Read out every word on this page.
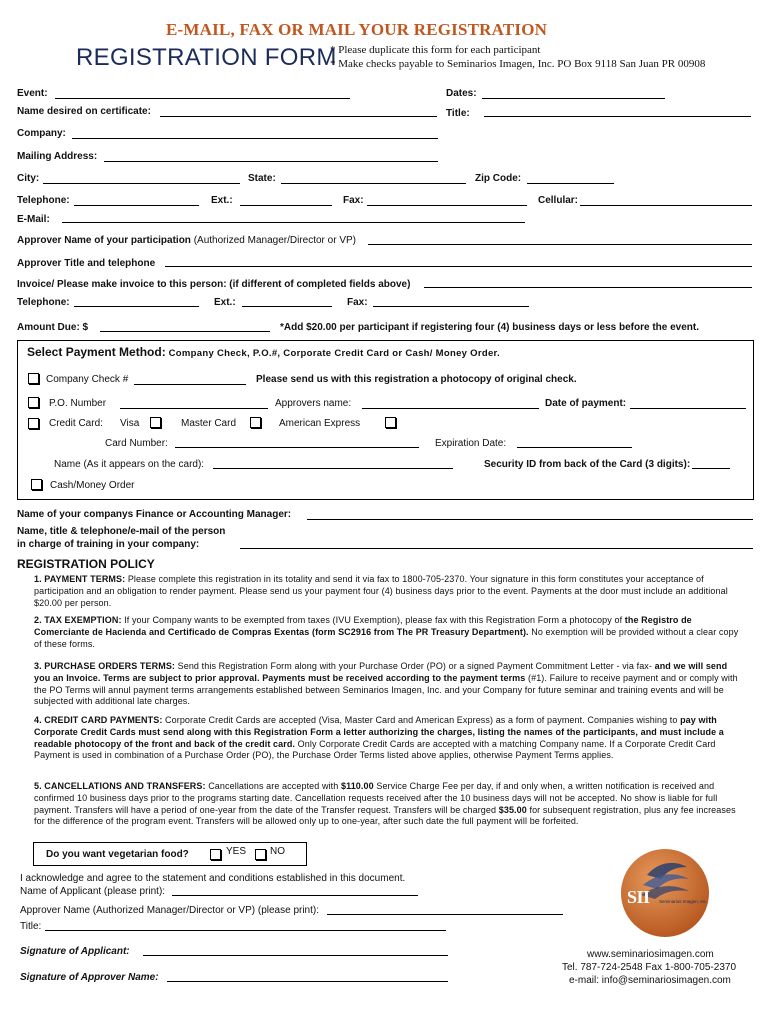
E-MAIL, FAX OR MAIL YOUR REGISTRATION
REGISTRATION FORM
* Please duplicate this form for each participant
* Make checks payable to Seminarios Imagen, Inc. PO Box 9118 San Juan PR 00908
Event:	Dates:
Name desired on certificate:	Title:
Company:
Mailing Address:
City:	State:	Zip Code:
Telephone:	Ext.:	Fax:	Cellular:
E-Mail:
Approver Name of your participation (Authorized Manager/Director or VP)
Approver Title and telephone
Invoice/ Please make invoice to this person: (if different of completed fields above)
Telephone:	Ext.:	Fax:
Amount Due: $	*Add $20.00 per participant if registering four (4) business days or less before the event.
Select Payment Method: Company Check, P.O.#, Corporate Credit Card or Cash/ Money Order.
Company Check #	Please send us with this registration a photocopy of original check.
P.O. Number	Approvers name:	Date of payment:
Credit Card: Visa	Master Card	American Express
Card Number:	Expiration Date:
Name (As it appears on the card):	Security ID from back of the Card (3 digits):
Cash/Money Order
Name of your companys Finance or Accounting Manager:
Name, title & telephone/e-mail of the person
in charge of training in your company:
REGISTRATION POLICY

1. PAYMENT TERMS: Please complete this registration in its totality and send it via fax to 1800-705-2370. Your signature in this form constitutes your acceptance of participation and an obligation to render payment. Please send us your payment four (4) business days prior to the event. Payments at the door must include an additional $20.00 per person.

2. TAX EXEMPTION: If your Company wants to be exempted from taxes (IVU Exemption), please fax with this Registration Form a photocopy of the Registro de Comerciante de Hacienda and Certificado de Compras Exentas (form SC2916 from The PR Treasury Department). No exemption will be provided without a clear copy of these forms.

3. PURCHASE ORDERS TERMS: Send this Registration Form along with your Purchase Order (PO) or a signed Payment Commitment Letter - via fax- and we will send you an Invoice. Terms are subject to prior approval. Payments must be received according to the payment terms (#1). Failure to receive payment and or comply with the PO Terms will annul payment terms arrangements established between Seminarios Imagen, Inc. and your Company for future seminar and training events and will be subjected with additional late charges.

4. CREDIT CARD PAYMENTS: Corporate Credit Cards are accepted (Visa, Master Card and American Express) as a form of payment. Companies wishing to pay with Corporate Credit Cards must send along with this Registration Form a letter authorizing the charges, listing the names of the participants, and must include a readable photocopy of the front and back of the credit card. Only Corporate Credit Cards are accepted with a matching Company name. If a Corporate Credit Card Payment is used in combination of a Purchase Order (PO), the Purchase Order Terms listed above applies, otherwise Payment Terms applies.

5. CANCELLATIONS AND TRANSFERS: Cancellations are accepted with $110.00 Service Charge Fee per day, if and only when, a written notification is received and confirmed 10 business days prior to the programs starting date. Cancellation requests received after the 10 business days will not be accepted. No show is liable for full payment. Transfers will have a period of one-year from the date of the Transfer request. Transfers will be charged $35.00 for subsequent registration, plus any fee increases for the difference of the program event. Transfers will be allowed only up to one-year, after such date the full payment will be forfeited.

Do you want vegetarian food?	YES NO
I acknowledge and agree to the statement and conditions established in this document.
Name of Applicant (please print):
Approver Name (Authorized Manager/Director or VP) (please print):
Title:
Signature of Applicant:
Signature of Approver Name:
SII Seminarios Imagen, Inc.
www.seminariosimagen.com
Tel. 787-724-2548 Fax 1-800-705-2370
e-mail: info@seminariosimagen.com
